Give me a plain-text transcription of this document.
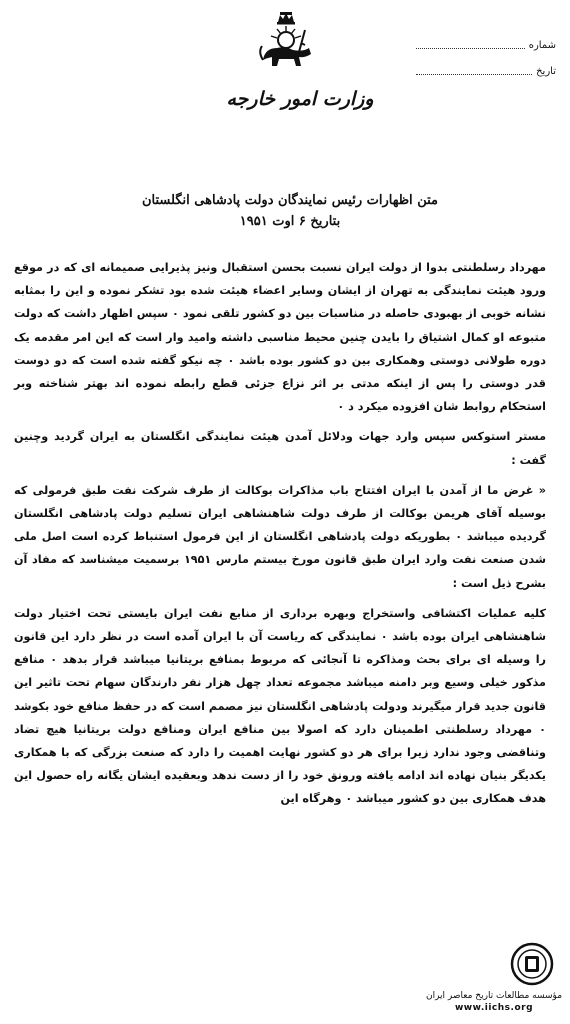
وزارت امور خارجه
شماره
تاریخ
متن اظهارات رئیس نمایندگان دولت پادشاهی انگلستان
بتاریخ ۶ اوت ۱۹۵۱

مهرداد رسلطنتی بدوا از دولت ایران نسبت بحسن استقبال ونیز پذیرایی صمیمانه ای که در موقع ورود هیئت نمایندگی به تهران از ایشان وسایر اعضاء هیئت شده بود تشکر نموده و این را بمثابه نشانه خوبی از بهبودی حاصله در مناسبات بین دو کشور تلقی نمود ۰ سپس اظهار داشت که دولت متبوعه او کمال اشتیاق را بایدن چنین محیط مناسبی داشته وامید وار است که این امر مقدمه یک دوره طولانی دوستی وهمکاری بین دو کشور بوده باشد ۰ چه نیکو گفته شده است که دو دوست قدر دوستی را پس از اینکه مدتی بر اثر نزاع جزئی قطع رابطه نموده اند بهتر شناخته وبر استحکام روابط شان افزوده میکرد د ۰

مستر استوکس سپس وارد جهات ودلائل آمدن هیئت نمایندگی انگلستان به ایران گردید وچنین گفت :

« غرض ما از آمدن با ایران افتتاح باب مذاکرات بوکالت از طرف شرکت نفت طبق فرمولی که بوسیله آقای هریمن بوکالت از طرف دولت شاهنشاهی ایران تسلیم دولت پادشاهی انگلستان گردیده میباشد ۰ بطوریکه دولت پادشاهی انگلستان از این فرمول استنباط کرده است اصل ملی شدن صنعت نفت وارد ایران طبق قانون مورخ بیستم مارس ۱۹۵۱ برسمیت میشناسد که مفاد آن بشرح ذیل است :

کلیه عملیات اکتشافی واستخراج وبهره برداری از منابع نفت ایران بایستی تحت اختیار دولت شاهنشاهی ایران بوده باشد ۰ نمایندگی که ریاست آن با ایران آمده است در نظر دارد این قانون را وسیله ای برای بحث ومذاکره تا آنجائی که مربوط بمنافع بریتانیا میباشد قرار بدهد ۰ منافع مذکور خیلی وسیع وبر دامنه میباشد مجموعه تعداد چهل هزار نفر دارندگان سهام تحت تاثیر این قانون جدید قرار میگیرند ودولت پادشاهی انگلستان نیز مصمم است که در حفظ منافع خود بکوشد ۰ مهرداد رسلطنتی اطمینان دارد که اصولا بین منافع ایران ومنافع دولت بریتانیا هیچ تضاد وتناقضی وجود ندارد زیرا برای هر دو کشور نهایت اهمیت را دارد که صنعت بزرگی که با همکاری یکدیگر بنیان نهاده اند ادامه یافته ورونق خود را از دست ندهد وبعقیده ایشان یگانه راه حصول این هدف همکاری بین دو کشور میباشد ۰ وهرگاه این

مؤسسه مطالعات تاریخ معاصر ایران
www.iichs.org
